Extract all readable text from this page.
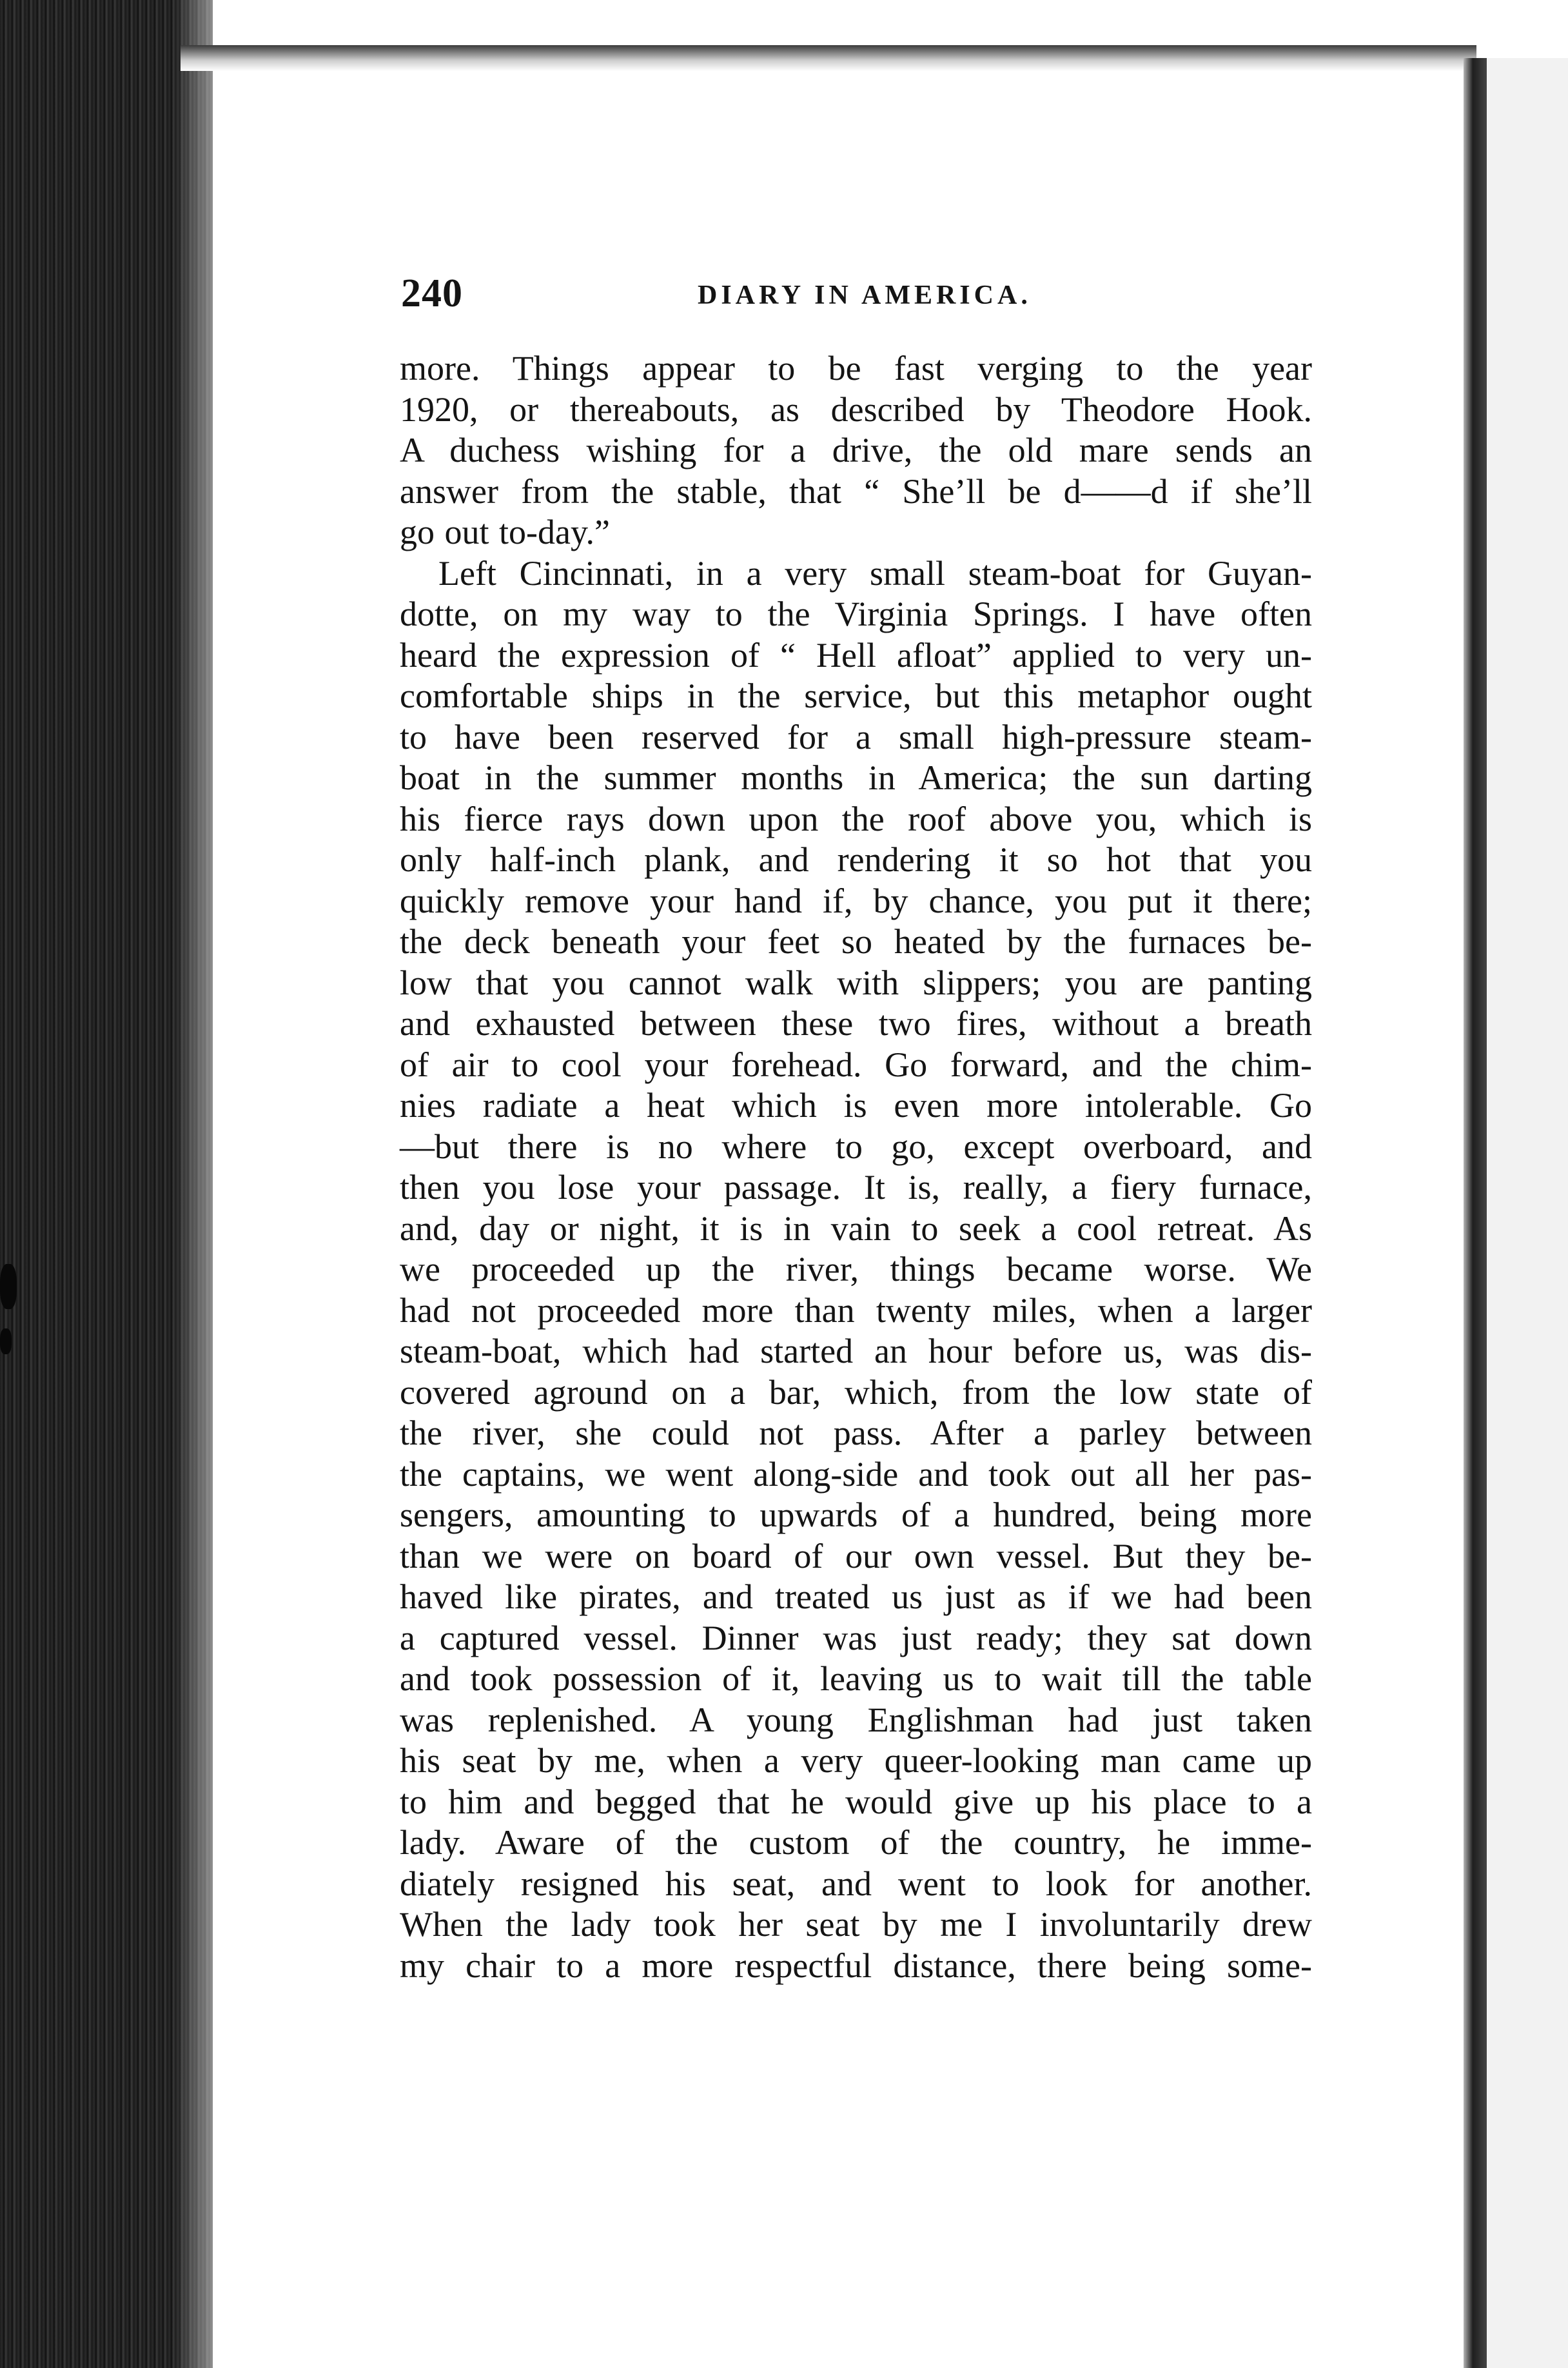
240	DIARY IN AMERICA.
more. Things appear to be fast verging to the year
1920, or thereabouts, as described by Theodore Hook.
A duchess wishing for a drive, the old mare sends an
answer from the stable, that “ She’ll be d——d if she’ll
go out to-day.”
Left Cincinnati, in a very small steam-boat for Guyan-
dotte, on my way to the Virginia Springs. I have often
heard the expression of “ Hell afloat” applied to very un-
comfortable ships in the service, but this metaphor ought
to have been reserved for a small high-pressure steam-
boat in the summer months in America; the sun darting
his fierce rays down upon the roof above you, which is
only half-inch plank, and rendering it so hot that you
quickly remove your hand if, by chance, you put it there;
the deck beneath your feet so heated by the furnaces be-
low that you cannot walk with slippers; you are panting
and exhausted between these two fires, without a breath
of air to cool your forehead. Go forward, and the chim-
nies radiate a heat which is even more intolerable. Go
—but there is no where to go, except overboard, and
then you lose your passage. It is, really, a fiery furnace,
and, day or night, it is in vain to seek a cool retreat. As
we proceeded up the river, things became worse. We
had not proceeded more than twenty miles, when a larger
steam-boat, which had started an hour before us, was dis-
covered aground on a bar, which, from the low state of
the river, she could not pass. After a parley between
the captains, we went along-side and took out all her pas-
sengers, amounting to upwards of a hundred, being more
than we were on board of our own vessel. But they be-
haved like pirates, and treated us just as if we had been
a captured vessel. Dinner was just ready; they sat down
and took possession of it, leaving us to wait till the table
was replenished. A young Englishman had just taken
his seat by me, when a very queer-looking man came up
to him and begged that he would give up his place to a
lady. Aware of the custom of the country, he imme-
diately resigned his seat, and went to look for another.
When the lady took her seat by me I involuntarily drew
my chair to a more respectful distance, there being some-
